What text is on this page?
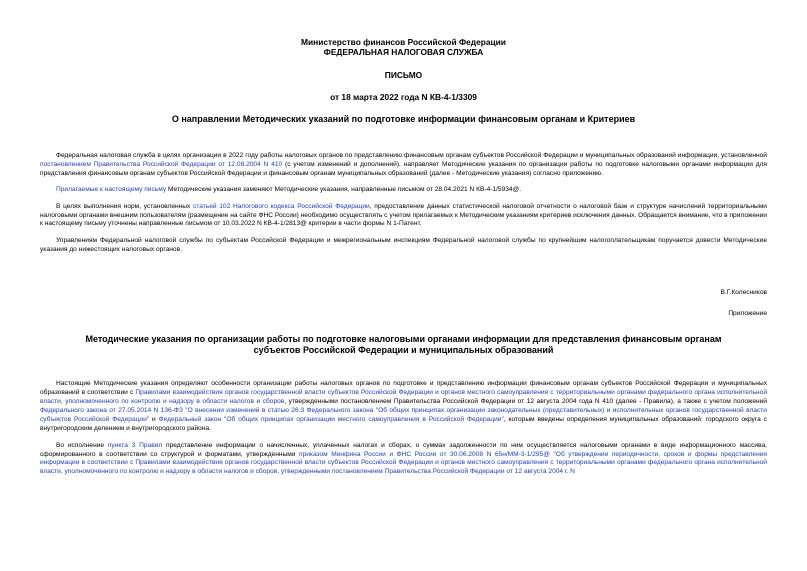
Министерство финансов Российской Федерации
ФЕДЕРАЛЬНАЯ НАЛОГОВАЯ СЛУЖБА
ПИСЬМО
от 18 марта 2022 года N КВ-4-1/3309
О направлении Методических указаний по подготовке информации финансовым органам и Критериев

Федеральная налоговая служба в целях организации в 2022 году работы налоговых органов по представлению финансовым органам субъектов Российской Федерации и муниципальных образований информации, установленной постановлением Правительства Российской Федерации от 12.08.2004 N 410 (с учетом изменений и дополнений), направляет Методические указания по организации работы по подготовке налоговыми органами информации для представления финансовым органам субъектов Российской Федерации и финансовым органам муниципальных образований (далее - Методические указания) согласно приложению.

Прилагаемые к настоящему письму Методические указания заменяют Методические указания, направленные письмом от 28.04.2021 N КВ-4-1/5934@.

В целях выполнения норм, установленных статьей 102 Налогового кодекса Российской Федерации, предоставление данных статистической налоговой отчетности о налоговой базе и структуре начислений территориальными налоговыми органами внешним пользователям (размещение на сайте ФНС России) необходимо осуществлять с учетом прилагаемых к Методическим указаниям критериев исключения данных. Обращается внимание, что в приложении к настоящему письму уточнены направленные письмом от 10.03.2022 N КВ-4-1/2813@ критерии в части формы N 1-Патент.

Управлениям Федеральной налоговой службы по субъектам Российской Федерации и межрегиональным инспекциям Федеральной налоговой службы по крупнейшим налогоплательщикам поручается довести Методические указания до нижестоящих налоговых органов.

В.Г.Колесников

Приложение

Методические указания по организации работы по подготовке налоговыми органами информации для представления финансовым органам субъектов Российской Федерации и муниципальных образований

Настоящие Методические указания определяют особенности организации работы налоговых органов по подготовке и представлению информации финансовым органам субъектов Российской Федерации и муниципальных образований в соответствии с Правилами взаимодействия органов государственной власти субъектов Российской Федерации и органов местного самоуправления с территориальными органами федерального органа исполнительной власти, уполномоченного по контролю и надзору в области налогов и сборов, утвержденными постановлением Правительства Российской Федерации от 12 августа 2004 года N 410 (далее - Правила), а также с учетом положений Федерального закона от 27.05.2014 N 136-ФЗ "О внесении изменений в статью 26.3 Федерального закона "Об общих принципах организации законодательных (представительных) и исполнительных органов государственной власти субъектов Российской Федерации" и Федеральный закон "Об общих принципах организации местного самоуправления в Российской Федерации", которым введены определения муниципальных образований: городского округа с внутригородским делением и внутригородского района.

Во исполнение пункта 3 Правил представление информации о начисленных, уплаченных налогах и сборах, о суммах задолженности по ним осуществляется налоговыми органами в виде информационного массива, сформированного в соответствии со структурой и форматами, утвержденными приказом Минфина России и ФНС России от 30.06.2008 N 65н/ММ-3-1/295@ "Об утверждении периодичности, сроков и формы представления информации в соответствии с Правилами взаимодействия органов государственной власти субъектов Российской Федерации и органов местного самоуправления с территориальными органами федерального органа исполнительной власти, уполномоченного по контролю и надзору в области налогов и сборов, утвержденными постановлением Правительства Российской Федерации от 12 августа 2004 г. N
